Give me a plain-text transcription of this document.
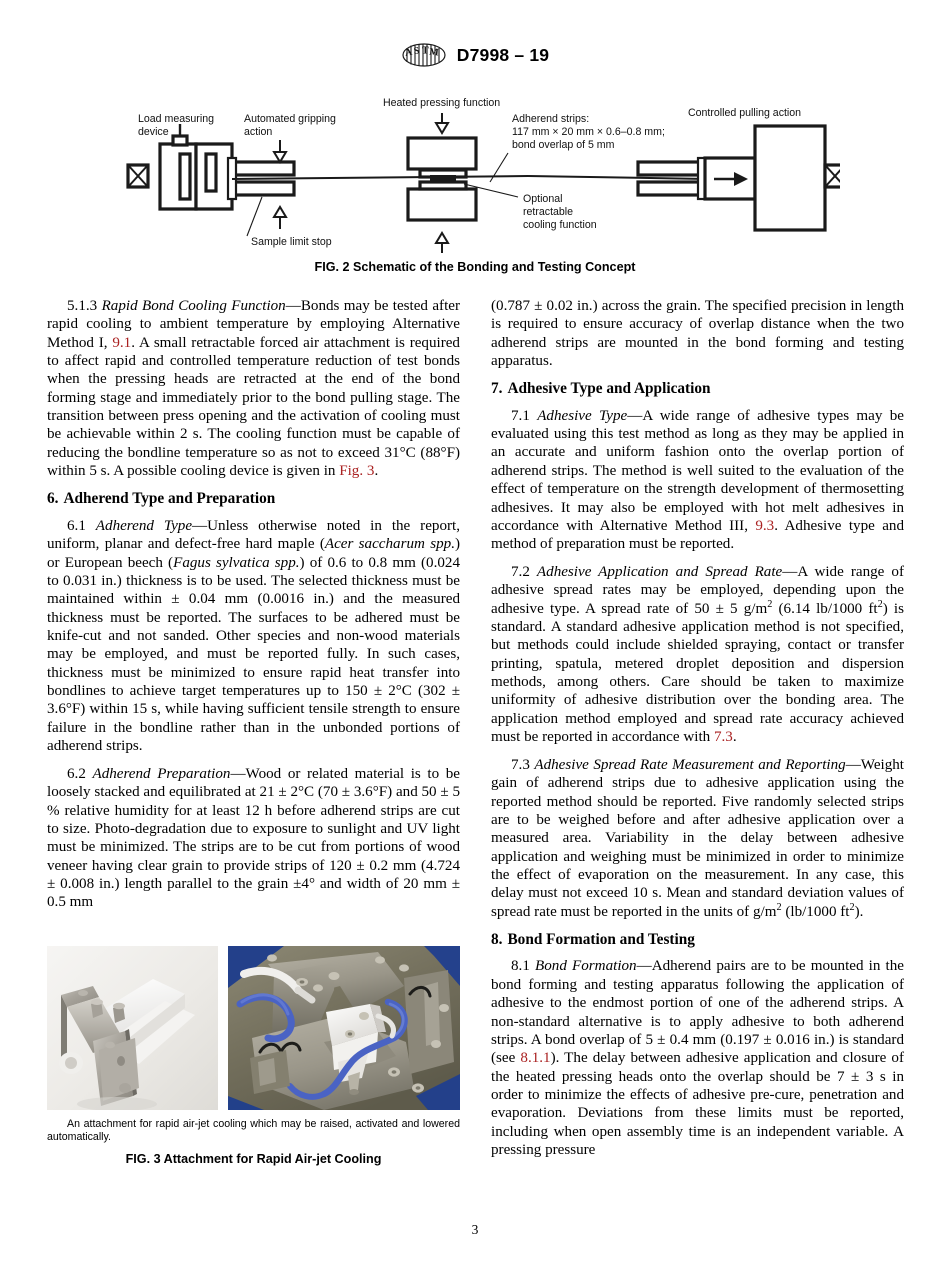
A S T M D7998 – 19
Load measuring
device
Automated gripping
action
Heated pressing function
Adherend strips:
117 mm × 20 mm × 0.6–0.8 mm;
bond overlap of 5 mm
Controlled pulling action
Sample limit stop
Optional
retractable
cooling function
FIG. 2 Schematic of the Bonding and Testing Concept

5.1.3 Rapid Bond Cooling Function—Bonds may be tested after rapid cooling to ambient temperature by employing Alternative Method I, 9.1. A small retractable forced air attachment is required to affect rapid and controlled temperature reduction of test bonds when the pressing heads are retracted at the end of the bond forming stage and immediately prior to the bond pulling stage. The transition between press opening and the activation of cooling must be achievable within 2 s. The cooling function must be capable of reducing the bondline temperature so as not to exceed 31°C (88°F) within 5 s. A possible cooling device is given in Fig. 3.

6. Adherend Type and Preparation

6.1 Adherend Type—Unless otherwise noted in the report, uniform, planar and defect-free hard maple (Acer saccharum spp.) or European beech (Fagus sylvatica spp.) of 0.6 to 0.8 mm (0.024 to 0.031 in.) thickness is to be used. The selected thickness must be maintained within ± 0.04 mm (0.0016 in.) and the measured thickness must be reported. The surfaces to be adhered must be knife-cut and not sanded. Other species and non-wood materials may be employed, and must be reported fully. In such cases, thickness must be minimized to ensure rapid heat transfer into bondlines to achieve target temperatures up to 150 ± 2°C (302 ± 3.6°F) within 15 s, while having sufficient tensile strength to ensure failure in the bondline rather than in the unbonded portions of adherend strips.

6.2 Adherend Preparation—Wood or related material is to be loosely stacked and equilibrated at 21 ± 2°C (70 ± 3.6°F) and 50 ± 5 % relative humidity for at least 12 h before adherend strips are cut to size. Photo-degradation due to exposure to sunlight and UV light must be minimized. The strips are to be cut from portions of wood veneer having clear grain to provide strips of 120 ± 0.2 mm (4.724 ± 0.008 in.) length parallel to the grain ±4° and width of 20 mm ± 0.5 mm

(0.787 ± 0.02 in.) across the grain. The specified precision in length is required to ensure accuracy of overlap distance when the two adherend strips are mounted in the bond forming and testing apparatus.

7. Adhesive Type and Application

7.1 Adhesive Type—A wide range of adhesive types may be evaluated using this test method as long as they may be applied in an accurate and uniform fashion onto the overlap portion of adherend strips. The method is well suited to the evaluation of the effect of temperature on the strength development of thermosetting adhesives. It may also be employed with hot melt adhesives in accordance with Alternative Method III, 9.3. Adhesive type and method of preparation must be reported.

7.2 Adhesive Application and Spread Rate—A wide range of adhesive spread rates may be employed, depending upon the adhesive type. A spread rate of 50 ± 5 $g/m^2$ (6.14 lb/1000 $ft^2$) is standard. A standard adhesive application method is not specified, but methods could include shielded spraying, contact or transfer printing, spatula, metered droplet deposition and dispersion methods, among others. Care should be taken to maximize uniformity of adhesive distribution over the bonding area. The application method employed and spread rate accuracy achieved must be reported in accordance with 7.3.

7.3 Adhesive Spread Rate Measurement and Reporting—Weight gain of adherend strips due to adhesive application using the reported method should be reported. Five randomly selected strips are to be weighed before and after adhesive application over a measured area. Variability in the delay between adhesive application and weighing must be minimized in order to minimize the effect of evaporation on the measurement. In any case, this delay must not exceed 10 s. Mean and standard deviation values of spread rate must be reported in the units of $g/m^2$ (lb/1000 $ft^2$).

8. Bond Formation and Testing

8.1 Bond Formation—Adherend pairs are to be mounted in the bond forming and testing apparatus following the application of adhesive to the endmost portion of one of the adherend strips. A non-standard alternative is to apply adhesive to both adherend strips. A bond overlap of 5 ± 0.4 mm (0.197 ± 0.016 in.) is standard (see 8.1.1). The delay between adhesive application and closure of the heated pressing heads onto the overlap should be 7 ± 3 s in order to minimize the effects of adhesive pre-cure, penetration and evaporation. Deviations from these limits must be reported, including when open assembly time is an independent variable. A pressing pressure

An attachment for rapid air-jet cooling which may be raised, activated and lowered automatically.

FIG. 3 Attachment for Rapid Air-jet Cooling
3
